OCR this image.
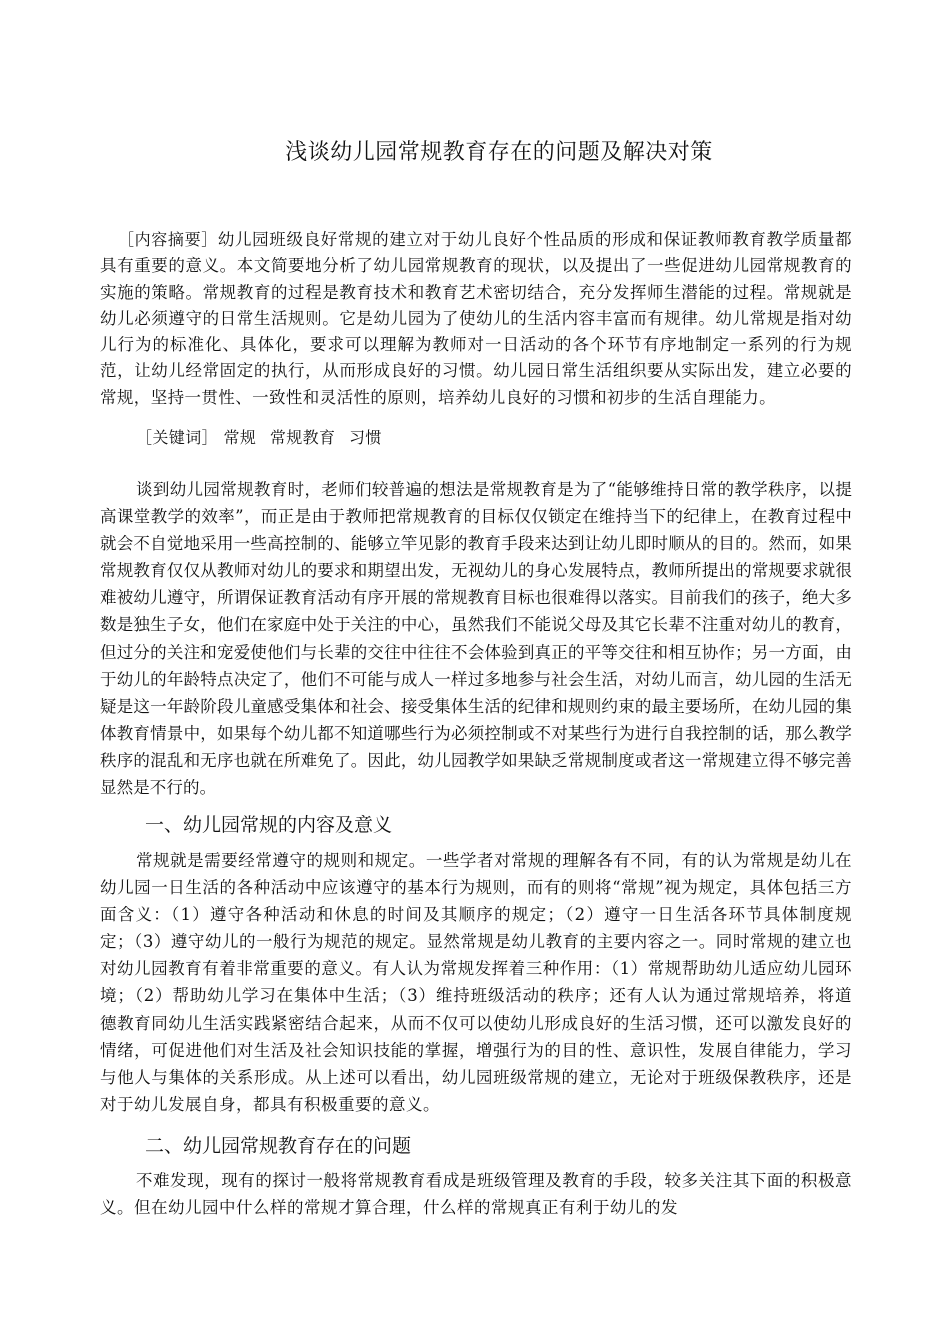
浅谈幼儿园常规教育存在的问题及解决对策
［内容摘要］幼儿园班级良好常规的建立对于幼儿良好个性品质的形成和保证教师教育教学质量都具有重要的意义。本文简要地分析了幼儿园常规教育的现状，以及提出了一些促进幼儿园常规教育的实施的策略。常规教育的过程是教育技术和教育艺术密切结合，充分发挥师生潜能的过程。常规就是幼儿必须遵守的日常生活规则。它是幼儿园为了使幼儿的生活内容丰富而有规律。幼儿常规是指对幼儿行为的标准化、具体化，要求可以理解为教师对一日活动的各个环节有序地制定一系列的行为规范，让幼儿经常固定的执行，从而形成良好的习惯。幼儿园日常生活组织要从实际出发，建立必要的常规，坚持一贯性、一致性和灵活性的原则，培养幼儿良好的习惯和初步的生活自理能力。
［关键词］ 常规 常规教育 习惯

谈到幼儿园常规教育时，老师们较普遍的想法是常规教育是为了“能够维持日常的教学秩序，以提高课堂教学的效率”，而正是由于教师把常规教育的目标仅仅锁定在维持当下的纪律上，在教育过程中就会不自觉地采用一些高控制的、能够立竿见影的教育手段来达到让幼儿即时顺从的目的。然而，如果常规教育仅仅从教师对幼儿的要求和期望出发，无视幼儿的身心发展特点，教师所提出的常规要求就很难被幼儿遵守，所谓保证教育活动有序开展的常规教育目标也很难得以落实。目前我们的孩子，绝大多数是独生子女，他们在家庭中处于关注的中心，虽然我们不能说父母及其它长辈不注重对幼儿的教育，但过分的关注和宠爱使他们与长辈的交往中往往不会体验到真正的平等交往和相互协作；另一方面，由于幼儿的年龄特点决定了，他们不可能与成人一样过多地参与社会生活，对幼儿而言，幼儿园的生活无疑是这一年龄阶段儿童感受集体和社会、接受集体生活的纪律和规则约束的最主要场所，在幼儿园的集体教育情景中，如果每个幼儿都不知道哪些行为必须控制或不对某些行为进行自我控制的话，那么教学秩序的混乱和无序也就在所难免了。因此，幼儿园教学如果缺乏常规制度或者这一常规建立得不够完善显然是不行的。

一、幼儿园常规的内容及意义

常规就是需要经常遵守的规则和规定。一些学者对常规的理解各有不同，有的认为常规是幼儿在幼儿园一日生活的各种活动中应该遵守的基本行为规则，而有的则将“常规”视为规定，具体包括三方面含义：（1）遵守各种活动和休息的时间及其顺序的规定；（2）遵守一日生活各环节具体制度规定；（3）遵守幼儿的一般行为规范的规定。显然常规是幼儿教育的主要内容之一。同时常规的建立也对幼儿园教育有着非常重要的意义。有人认为常规发挥着三种作用：（1）常规帮助幼儿适应幼儿园环境；（2）帮助幼儿学习在集体中生活；（3）维持班级活动的秩序；还有人认为通过常规培养，将道德教育同幼儿生活实践紧密结合起来，从而不仅可以使幼儿形成良好的生活习惯，还可以激发良好的情绪，可促进他们对生活及社会知识技能的掌握，增强行为的目的性、意识性，发展自律能力，学习与他人与集体的关系形成。从上述可以看出，幼儿园班级常规的建立，无论对于班级保教秩序，还是对于幼儿发展自身，都具有积极重要的意义。

二、幼儿园常规教育存在的问题

不难发现，现有的探讨一般将常规教育看成是班级管理及教育的手段，较多关注其下面的积极意义。但在幼儿园中什么样的常规才算合理，什么样的常规真正有利于幼儿的发
